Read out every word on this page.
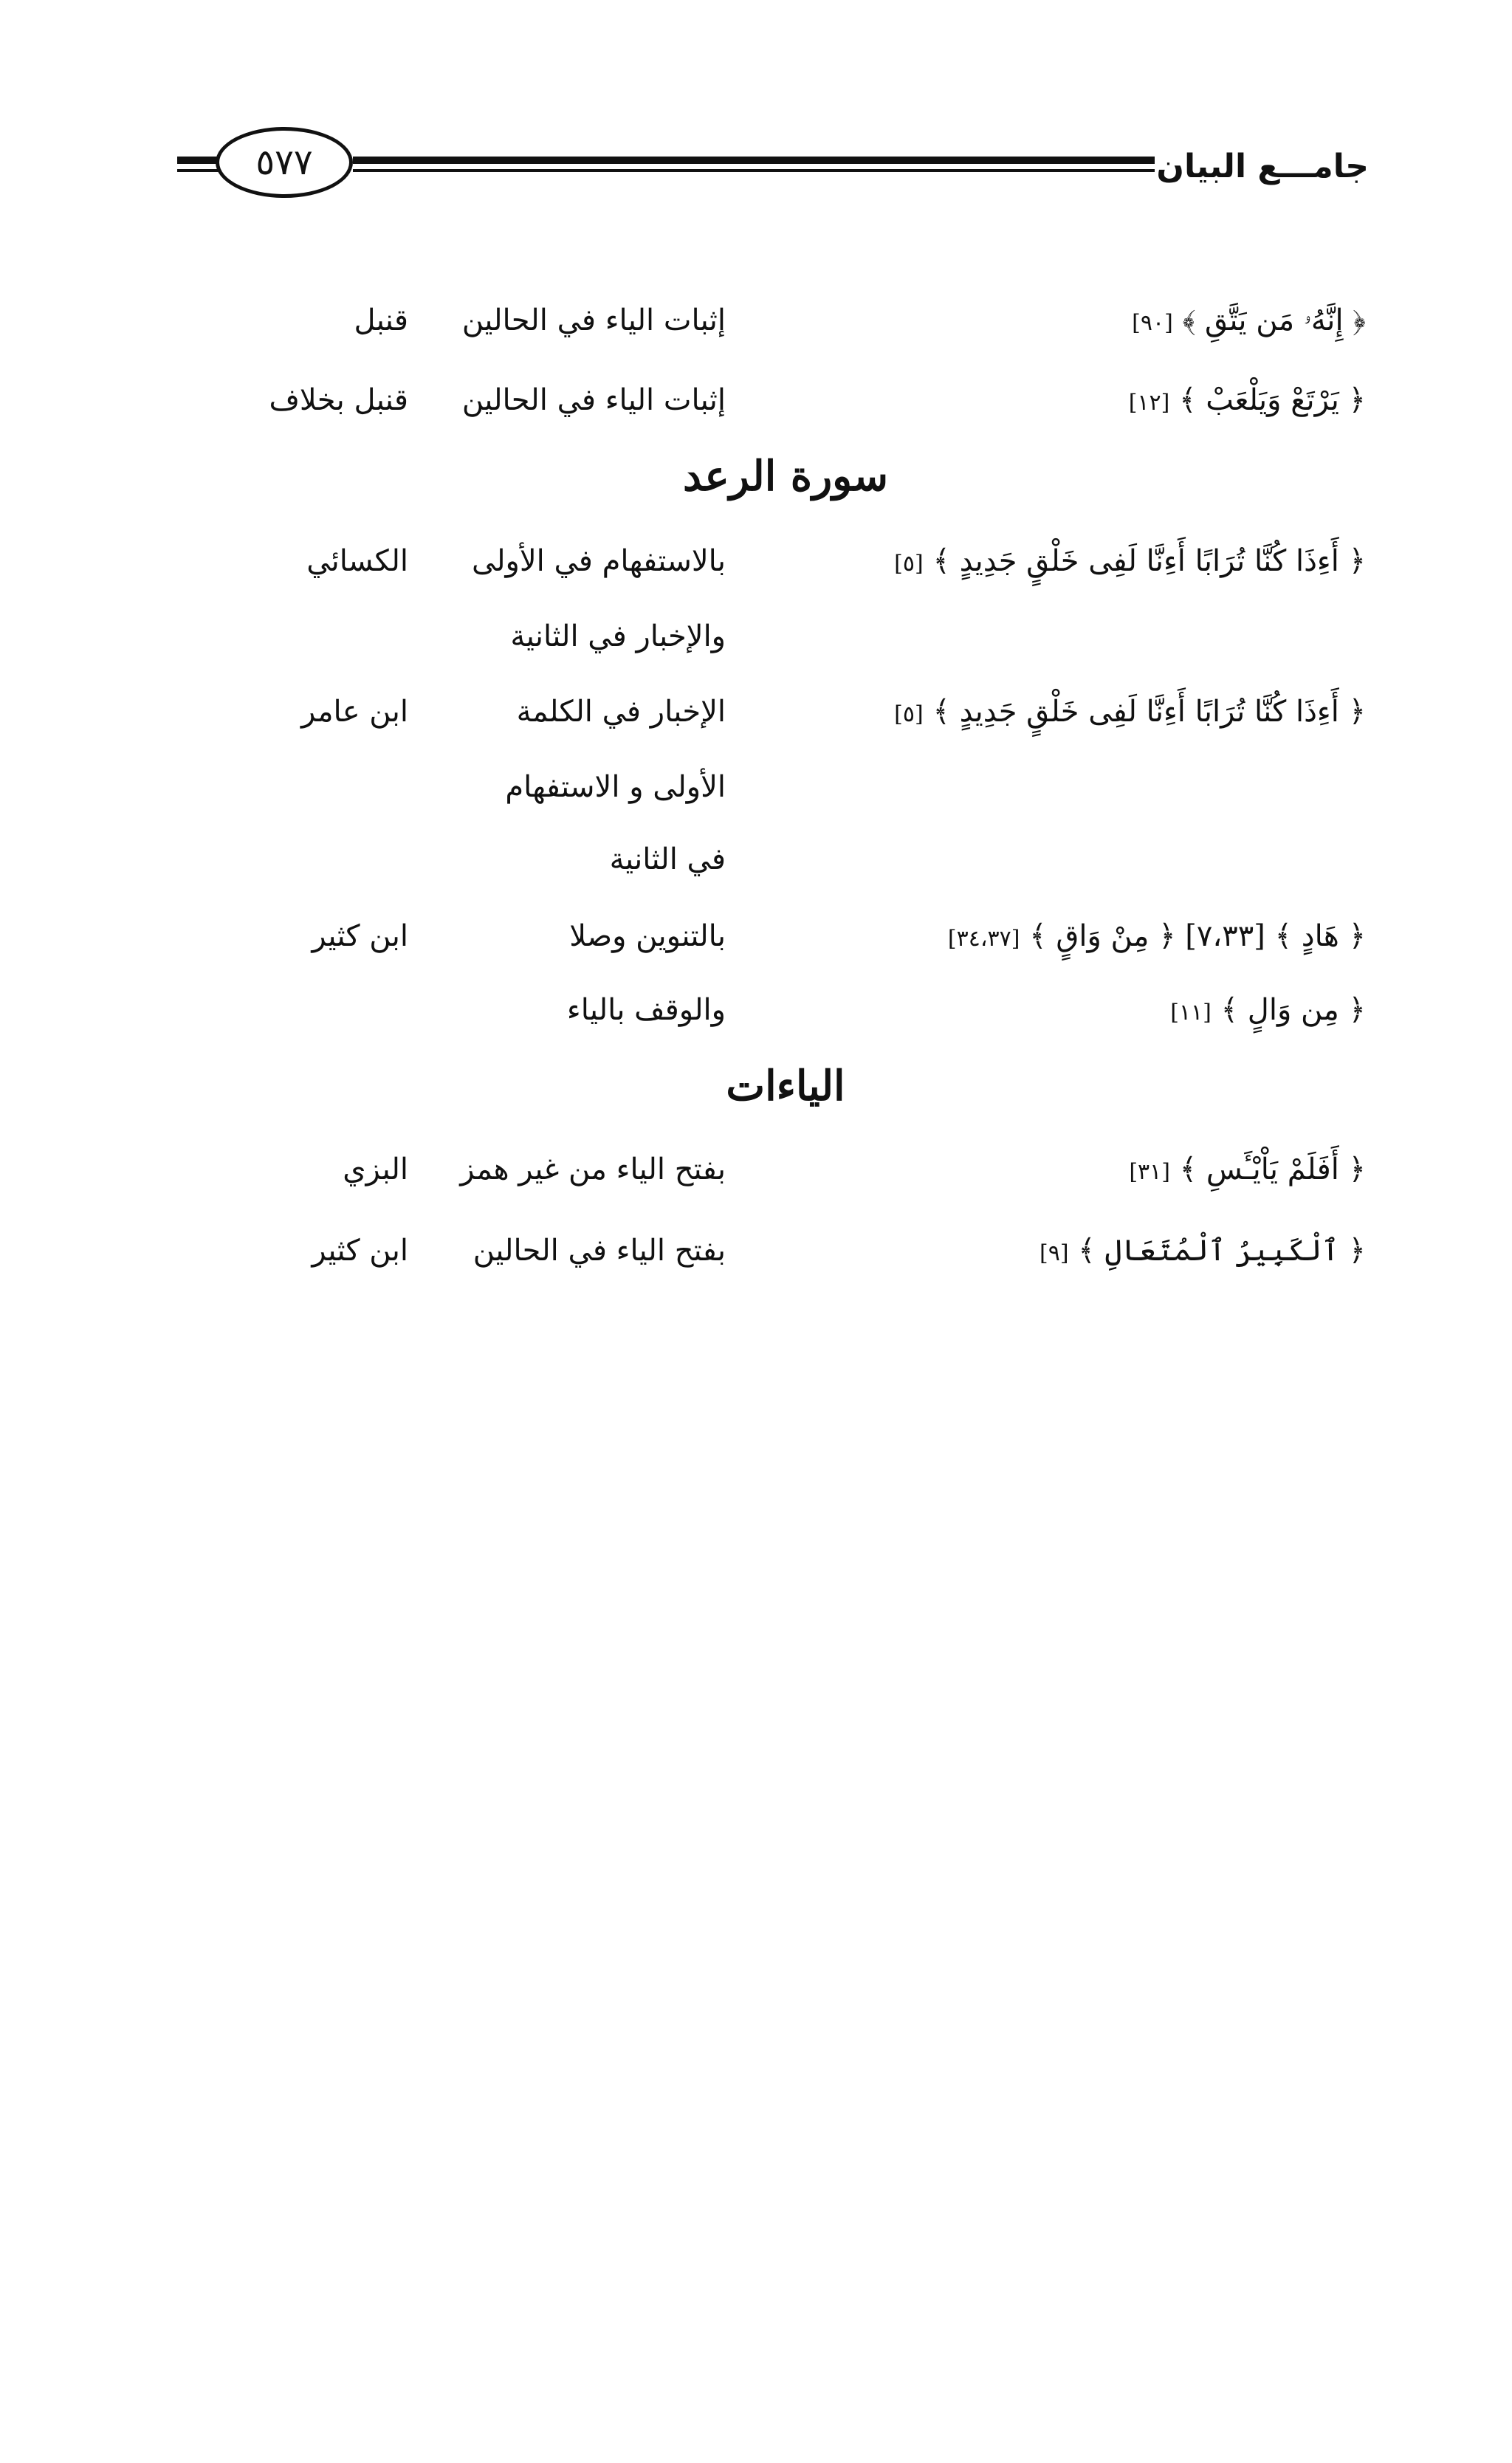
جامـــع البيان
٥٧٧
﴿ إِنَّهُۥ مَن يَتَّقِ ﴾ [٩٠]
إثبات الياء في الحالين
قنبل
﴿ يَرْتَعْ وَيَلْعَبْ ﴾ [١٢]
إثبات الياء في الحالين
قنبل بخلاف
سورة الرعد
﴿ أَءِذَا كُنَّا تُرَابًا أَءِنَّا لَفِى خَلْقٍ جَدِيدٍ ﴾ [٥]
بالاستفهام في الأولى
الكسائي
والإخبار في الثانية
﴿ أَءِذَا كُنَّا تُرَابًا أَءِنَّا لَفِى خَلْقٍ جَدِيدٍ ﴾ [٥]
الإخبار في الكلمة
ابن عامر
الأولى و الاستفهام
في الثانية
﴿ هَادٍ ﴾ [٧،٣٣] ﴿ مِنْ وَاقٍ ﴾ [٣٤،٣٧]
بالتنوين وصلا
ابن كثير
﴿ مِن وَالٍ ﴾ [١١]
والوقف بالياء
الياءات
﴿ أَفَلَمْ يَاْيْـَٔسِ ﴾ [٣١]
بفتح الياء من غير همز
البزي
﴿ ٱلْكَبِيرُ ٱلْمُتَعَالِ ﴾ [٩]
بفتح الياء في الحالين
ابن كثير
